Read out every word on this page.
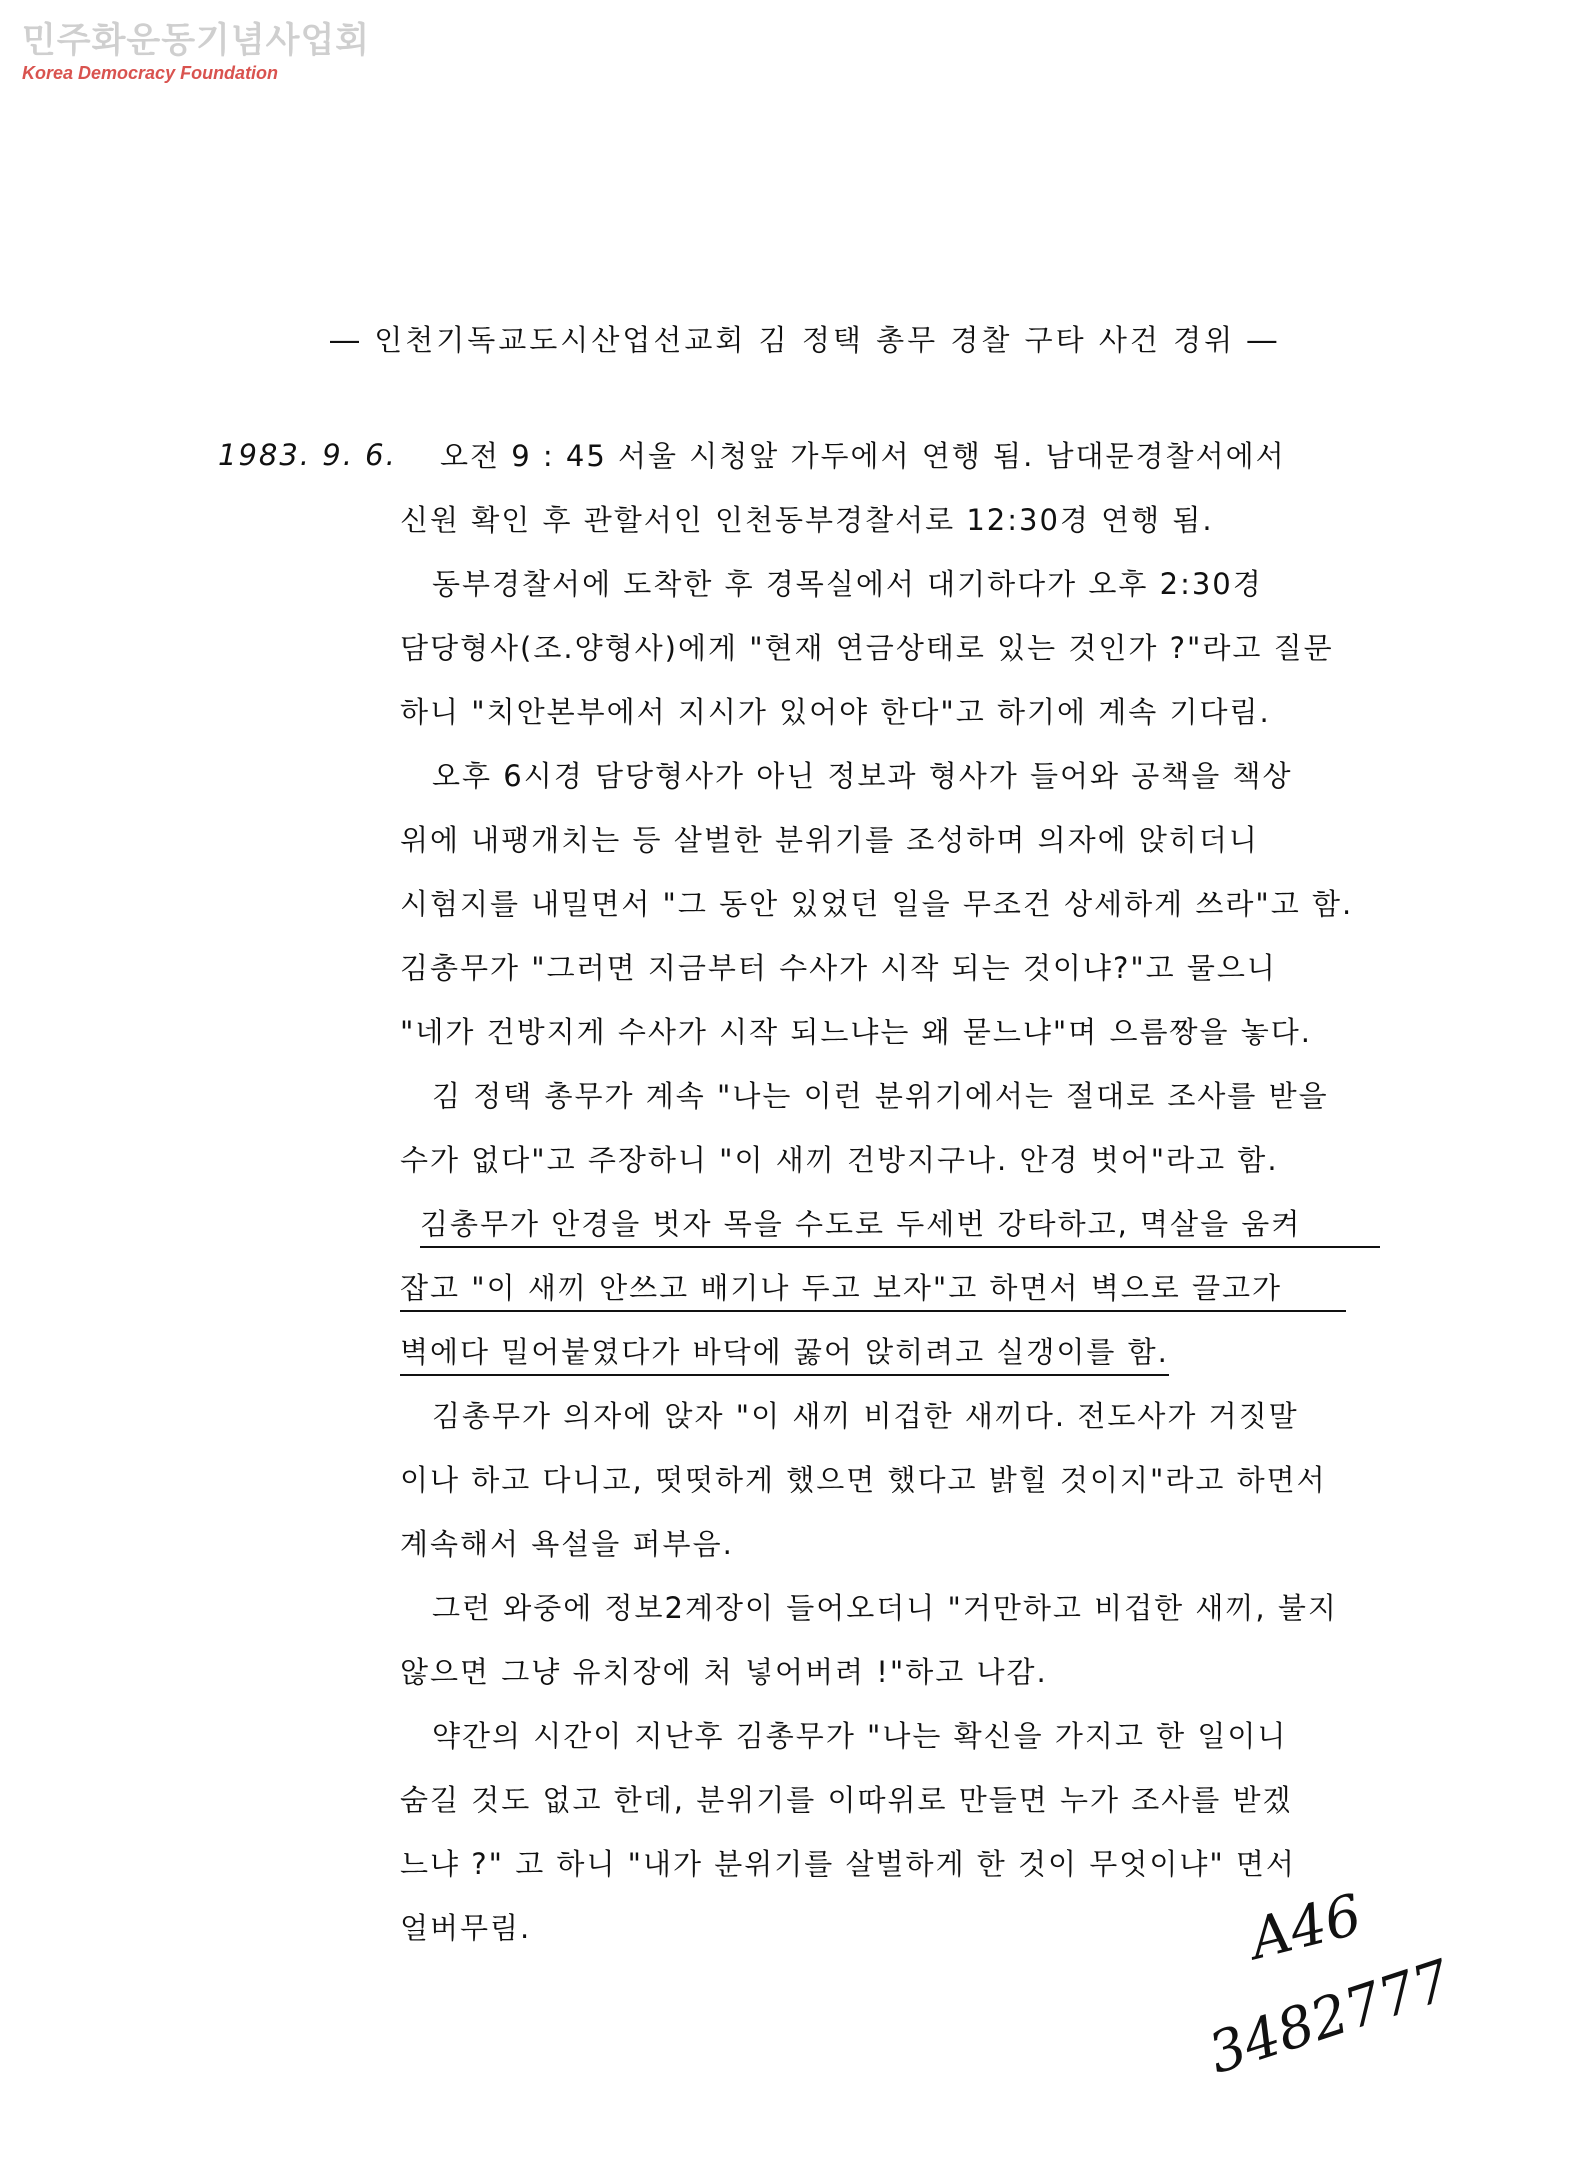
민주화운동기념사업회
Korea Democracy Foundation
― 인천기독교도시산업선교회 김 정택 총무 경찰 구타 사건 경위 ―
1983. 9. 6. 오전 9 : 45 서울 시청앞 가두에서 연행 됨. 남대문경찰서에서
신원 확인 후 관할서인 인천동부경찰서로 12:30경 연행 됨.
동부경찰서에 도착한 후 경목실에서 대기하다가 오후 2:30경
담당형사(조.양형사)에게 "현재 연금상태로 있는 것인가 ?"라고 질문
하니 "치안본부에서 지시가 있어야 한다"고 하기에 계속 기다림.
오후 6시경 담당형사가 아닌 정보과 형사가 들어와 공책을 책상
위에 내팽개치는 등 살벌한 분위기를 조성하며 의자에 앉히더니
시험지를 내밀면서 "그 동안 있었던 일을 무조건 상세하게 쓰라"고 함.
김총무가 "그러면 지금부터 수사가 시작 되는 것이냐?"고 물으니
"네가 건방지게 수사가 시작 되느냐는 왜 묻느냐"며 으름짱을 놓다.
김 정택 총무가 계속 "나는 이런 분위기에서는 절대로 조사를 받을
수가 없다"고 주장하니 "이 새끼 건방지구나. 안경 벗어"라고 함.
김총무가 안경을 벗자 목을 수도로 두세번 강타하고, 멱살을 움켜
잡고 "이 새끼 안쓰고 배기나 두고 보자"고 하면서 벽으로 끌고가
벽에다 밀어붙였다가 바닥에 꿇어 앉히려고 실갱이를 함.
김총무가 의자에 앉자 "이 새끼 비겁한 새끼다. 전도사가 거짓말
이나 하고 다니고, 떳떳하게 했으면 했다고 밝힐 것이지"라고 하면서
계속해서 욕설을 퍼부음.
그런 와중에 정보2계장이 들어오더니 "거만하고 비겁한 새끼, 불지
않으면 그냥 유치장에 처 넣어버려 !"하고 나감.
약간의 시간이 지난후 김총무가 "나는 확신을 가지고 한 일이니
숨길 것도 없고 한데, 분위기를 이따위로 만들면 누가 조사를 받겠
느냐 ?" 고 하니 "내가 분위기를 살벌하게 한 것이 무엇이냐" 면서
얼버무림.	A46
3482777
